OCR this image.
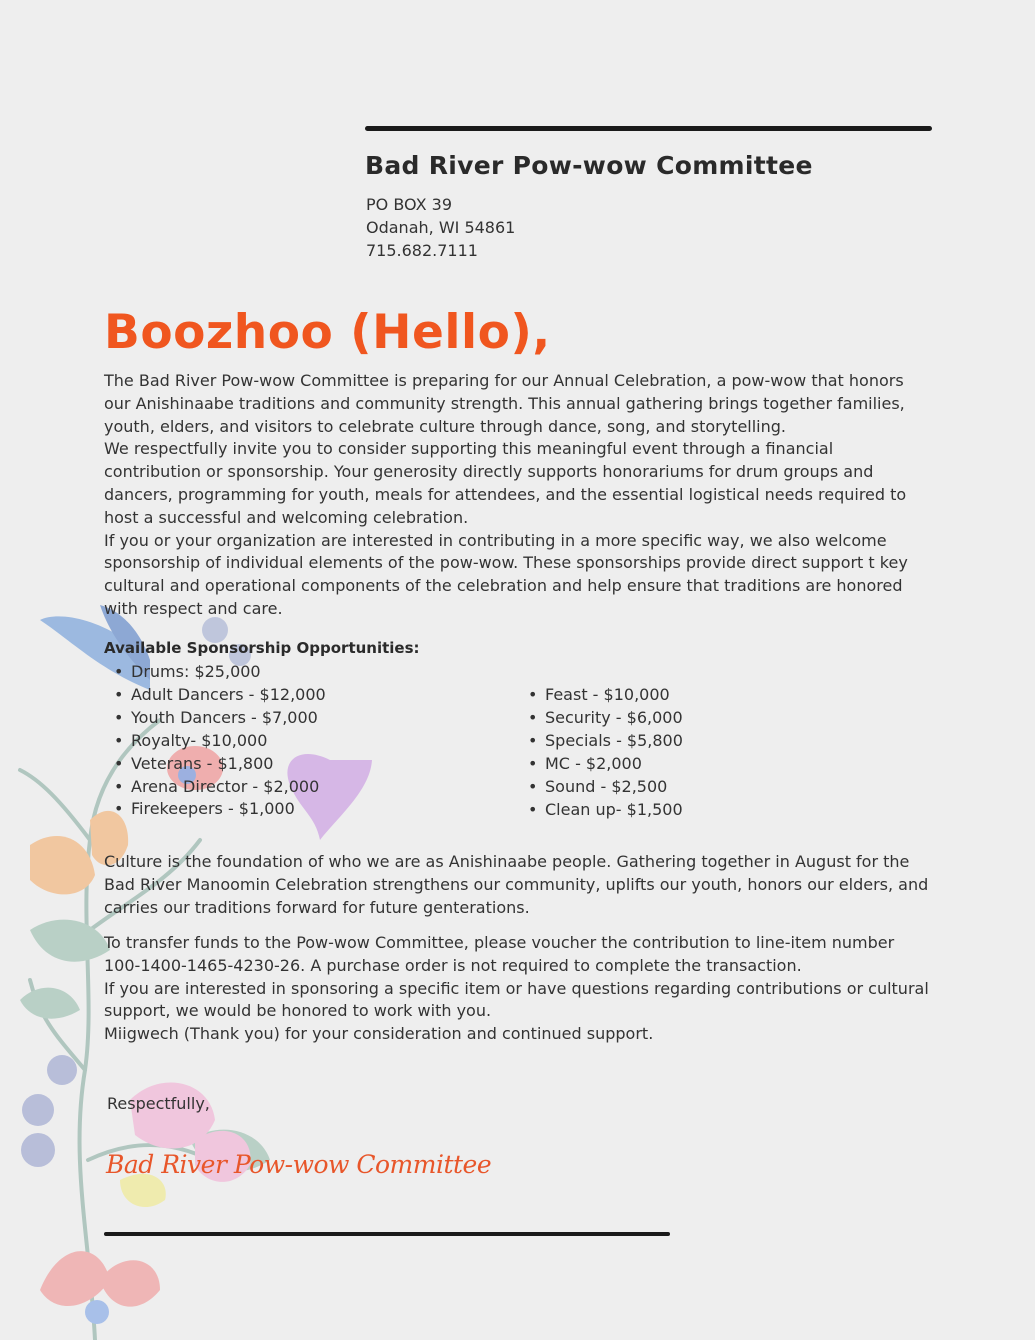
Bad River Pow-wow Committee
PO BOX 39
Odanah, WI 54861
715.682.7111
Boozhoo (Hello),

The Bad River Pow-wow Committee is preparing for our Annual Celebration, a pow-wow that honors our Anishinaabe traditions and community strength. This annual gathering brings together families, youth, elders, and visitors to celebrate culture through dance, song, and storytelling.

We respectfully invite you to consider supporting this meaningful event through a financial contribution or sponsorship. Your generosity directly supports honorariums for drum groups and dancers, programming for youth, meals for attendees, and the essential logistical needs required to host a successful and welcoming celebration.

If you or your organization are interested in contributing in a more specific way, we also welcome sponsorship of individual elements of the pow-wow. These sponsorships provide direct support t key cultural and operational components of the celebration and help ensure that traditions are honored with respect and care.

Available Sponsorship Opportunities:
• Drums: $25,000
• Adult Dancers - $12,000
• Youth Dancers - $7,000
• Royalty- $10,000
• Veterans - $1,800
• Arena Director - $2,000
• Firekeepers - $1,000
• Feast - $10,000
• Security - $6,000
• Specials - $5,800
• MC - $2,000
• Sound - $2,500
• Clean up- $1,500

Culture is the foundation of who we are as Anishinaabe people. Gathering together in August for the Bad River Manoomin Celebration strengthens our community, uplifts our youth, honors our elders, and carries our traditions forward for future genterations.

To transfer funds to the Pow-wow Committee, please voucher the contribution to line-item number 100-1400-1465-4230-26. A purchase order is not required to complete the transaction.

If you are interested in sponsoring a specific item or have questions regarding contributions or cultural support, we would be honored to work with you.

Miigwech (Thank you) for your consideration and continued support.

Respectfully,
Bad River Pow-wow Committee
